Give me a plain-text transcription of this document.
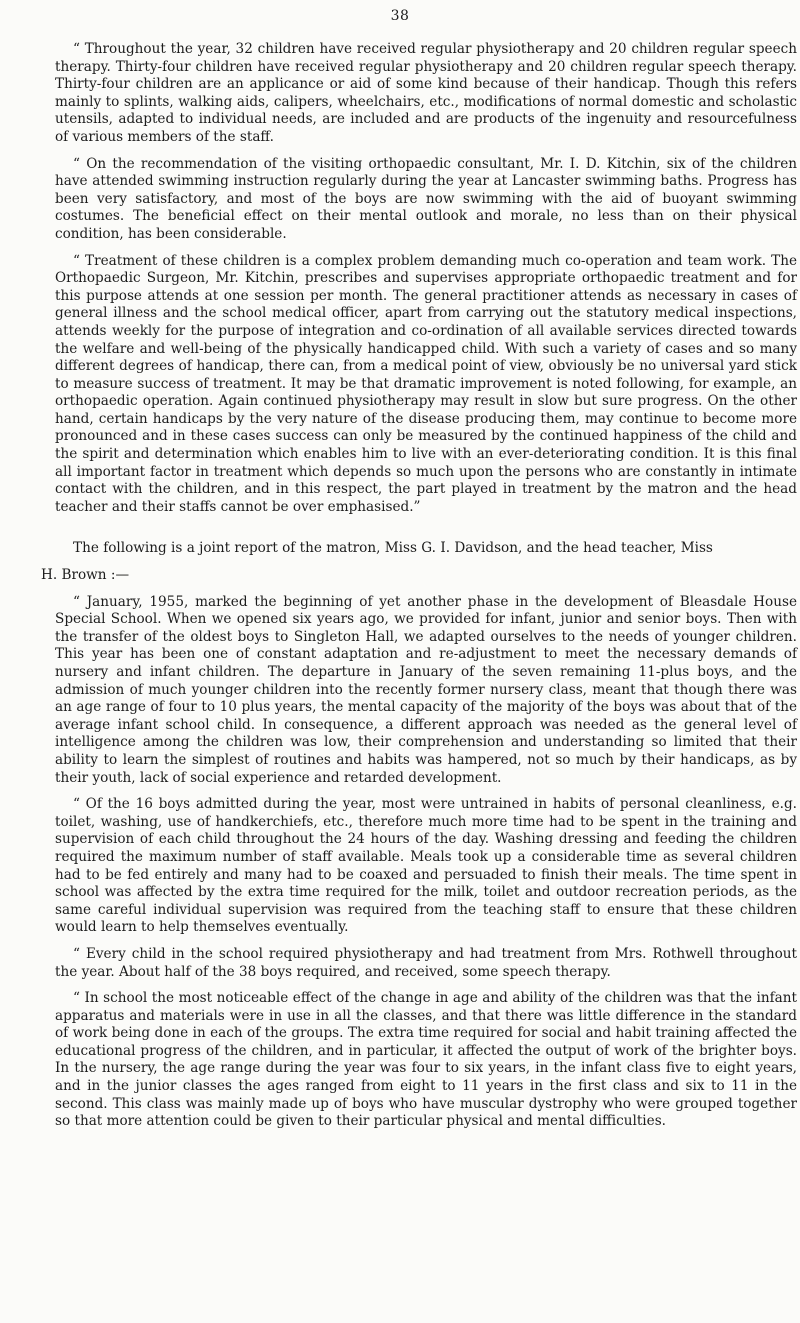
38

“ Throughout the year, 32 children have received regular physiotherapy and 20 children regular speech therapy. Thirty-four children have received regular physiotherapy and 20 children regular speech therapy. Thirty-four children are an applicance or aid of some kind because of their handicap. Though this refers mainly to splints, walking aids, calipers, wheelchairs, etc., modifications of normal domestic and scholastic utensils, adapted to individual needs, are included and are products of the ingenuity and resourcefulness of various members of the staff.

“ On the recommendation of the visiting orthopaedic consultant, Mr. I. D. Kitchin, six of the children have attended swimming instruction regularly during the year at Lancaster swimming baths. Progress has been very satisfactory, and most of the boys are now swimming with the aid of buoyant swimming costumes. The beneficial effect on their mental outlook and morale, no less than on their physical condition, has been considerable.

“ Treatment of these children is a complex problem demanding much co-operation and team work. The Orthopaedic Surgeon, Mr. Kitchin, prescribes and supervises appropriate orthopaedic treatment and for this purpose attends at one session per month. The general practitioner attends as necessary in cases of general illness and the school medical officer, apart from carrying out the statutory medical inspections, attends weekly for the purpose of integration and co-ordination of all available services directed towards the welfare and well-being of the physically handicapped child. With such a variety of cases and so many different degrees of handicap, there can, from a medical point of view, obviously be no universal yard stick to measure success of treatment. It may be that dramatic improvement is noted following, for example, an orthopaedic operation. Again continued physiotherapy may result in slow but sure progress. On the other hand, certain handicaps by the very nature of the disease producing them, may continue to become more pronounced and in these cases success can only be measured by the continued happiness of the child and the spirit and determination which enables him to live with an ever-deteriorating condition. It is this final all important factor in treatment which depends so much upon the persons who are constantly in intimate contact with the children, and in this respect, the part played in treatment by the matron and the head teacher and their staffs cannot be over emphasised.”

The following is a joint report of the matron, Miss G. I. Davidson, and the head teacher, Miss

H. Brown :—

“ January, 1955, marked the beginning of yet another phase in the development of Bleasdale House Special School. When we opened six years ago, we provided for infant, junior and senior boys. Then with the transfer of the oldest boys to Singleton Hall, we adapted ourselves to the needs of younger children. This year has been one of constant adaptation and re-adjustment to meet the necessary demands of nursery and infant children. The departure in January of the seven remaining 11-plus boys, and the admission of much younger children into the recently former nursery class, meant that though there was an age range of four to 10 plus years, the mental capacity of the majority of the boys was about that of the average infant school child. In consequence, a different approach was needed as the general level of intelligence among the children was low, their comprehension and understanding so limited that their ability to learn the simplest of routines and habits was hampered, not so much by their handicaps, as by their youth, lack of social experience and retarded development.

“ Of the 16 boys admitted during the year, most were untrained in habits of personal cleanliness, e.g. toilet, washing, use of handkerchiefs, etc., therefore much more time had to be spent in the training and supervision of each child throughout the 24 hours of the day. Washing dressing and feeding the children required the maximum number of staff available. Meals took up a considerable time as several children had to be fed entirely and many had to be coaxed and persuaded to finish their meals. The time spent in school was affected by the extra time required for the milk, toilet and outdoor recreation periods, as the same careful individual supervision was required from the teaching staff to ensure that these children would learn to help themselves eventually.

“ Every child in the school required physiotherapy and had treatment from Mrs. Rothwell throughout the year. About half of the 38 boys required, and received, some speech therapy.

“ In school the most noticeable effect of the change in age and ability of the children was that the infant apparatus and materials were in use in all the classes, and that there was little difference in the standard of work being done in each of the groups. The extra time required for social and habit training affected the educational progress of the children, and in particular, it affected the output of work of the brighter boys. In the nursery, the age range during the year was four to six years, in the infant class five to eight years, and in the junior classes the ages ranged from eight to 11 years in the first class and six to 11 in the second. This class was mainly made up of boys who have muscular dystrophy who were grouped together so that more attention could be given to their particular physical and mental difficulties.
